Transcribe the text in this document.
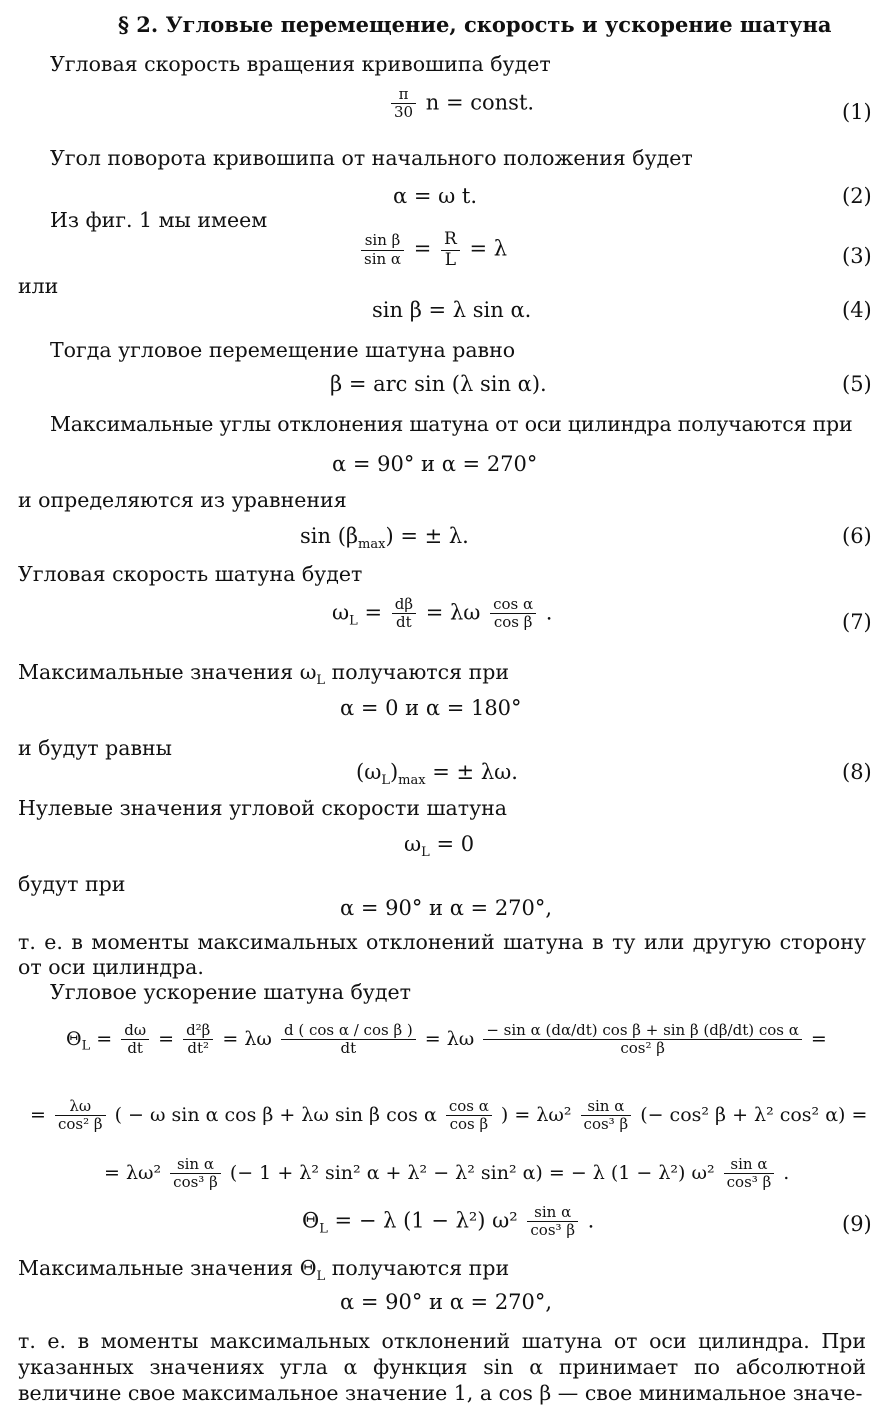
§ 2. Угловые перемещение, скорость и ускорение шатуна
Угловая скорость вращения кривошипа будет
$\frac{\pi}{30}$ n = const.	(1)
Угол поворота кривошипа от начального положения будет
α = ω t.	(2)
Из фиг. 1 мы имеем
$\frac{\text{sin β}}{\text{sin α}} = \frac{R}{L} = \lambda$	(3)
или
sin β = λ sin α.	(4)
Тогда угловое перемещение шатуна равно
β = arc sin (λ sin α).	(5)
Максимальные углы отклонения шатуна от оси цилиндра получаются при
α = 90° и α = 270°
и определяются из уравнения
$\sin (\beta_{max})$ = ± λ.	(6)
Угловая скорость шатуна будет
$\omega_L = \frac{d\beta}{dt} = \lambda\omega \frac{\text{cos α}}{\text{cos β}}$ .	(7)
Максимальные значения $\omega_L$ получаются при
α = 0 и α = 180°
и будут равны
$(\omega_L)_{max}$ = ± λω.	(8)
Нулевые значения угловой скорости шатуна
$\omega_L = 0$
будут при
α = 90° и α = 270°,
т. е. в моменты максимальных отклонений шатуна в ту или другую сторону от оси цилиндра.
Угловое ускорение шатуна будет
$\Theta_L = \frac{d\omega}{dt} = \frac{\text{d²β}}{\text{dt²}} = \lambda\omega \frac{\text{d ( cos α / cos β )}}{dt} = \lambda\omega \frac{\text{− sin α (dα/dt) cos β + sin β (dβ/dt) cos α}}{\text{cos² β}}$ =
= $\frac{\lambda\omega}{\text{cos² β}}$ ( − ω sin α cos β + λω sin β cos α $\frac{\text{cos α}}{\text{cos β}}$ ) = $\lambda\omega^2 \frac{\text{sin α}}{\text{cos³ β}}$ (− cos² β + λ² cos² α) =
= $\lambda\omega^2 \frac{\text{sin α}}{\text{cos³ β}}$ (− 1 + λ² sin² α + λ² − λ² sin² α) = − λ (1 − λ²) $\omega^2 \frac{\text{sin α}}{\text{cos³ β}}$ .
$\Theta_L$ = − λ (1 − λ²) $\omega^2 \frac{\text{sin α}}{\text{cos³ β}}$ .	(9)
Максимальные значения $\Theta_L$ получаются при
α = 90° и α = 270°,
т. е. в моменты максимальных отклонений шатуна от оси цилиндра. При указанных значениях угла α функция sin α принимает по абсолютной величине свое максимальное значение 1, а cos β — свое минимальное значе-
